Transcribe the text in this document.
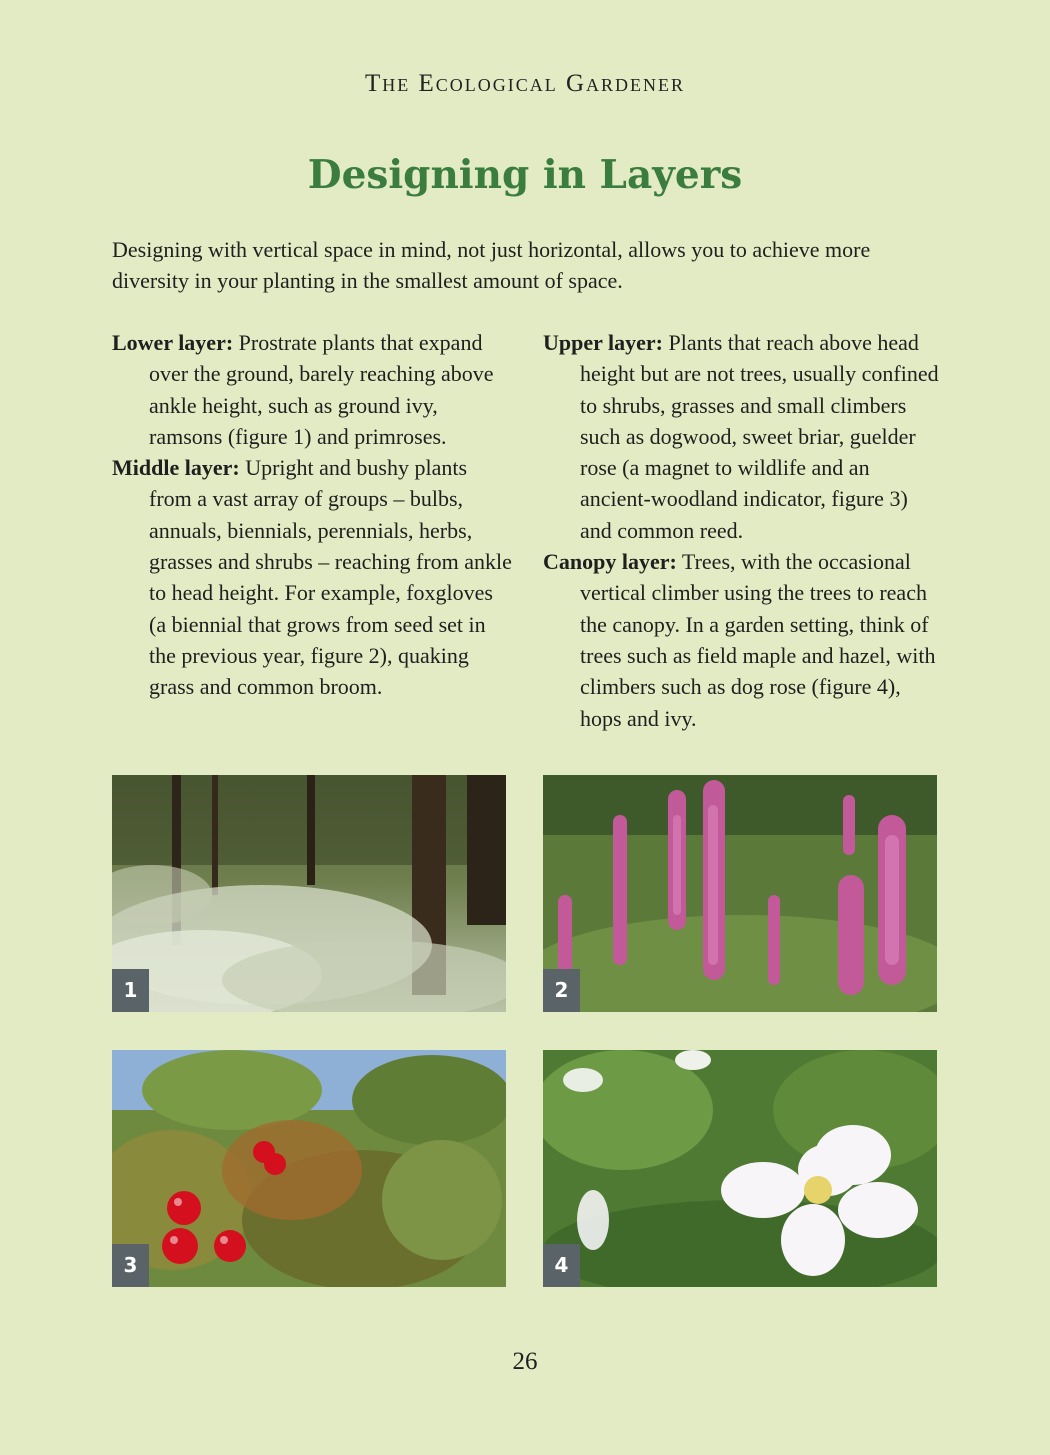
The Ecological Gardener
Designing in Layers

Designing with vertical space in mind, not just horizontal, allows you to achieve more diversity in your planting in the smallest amount of space.

Lower layer: Prostrate plants that expand over the ground, barely reaching above ankle height, such as ground ivy, ramsons (figure 1) and primroses.

Middle layer: Upright and bushy plants from a vast array of groups – bulbs, annuals, biennials, perennials, herbs, grasses and shrubs – reaching from ankle to head height. For example, foxgloves (a biennial that grows from seed set in the previous year, figure 2), quaking grass and common broom.

Upper layer: Plants that reach above head height but are not trees, usually confined to shrubs, grasses and small climbers such as dogwood, sweet briar, guelder rose (a magnet to wildlife and an ancient-woodland indicator, figure 3) and common reed.

Canopy layer: Trees, with the occasional vertical climber using the trees to reach the canopy. In a garden setting, think of trees such as field maple and hazel, with climbers such as dog rose (figure 4), hops and ivy.

1	2
3	4
26
